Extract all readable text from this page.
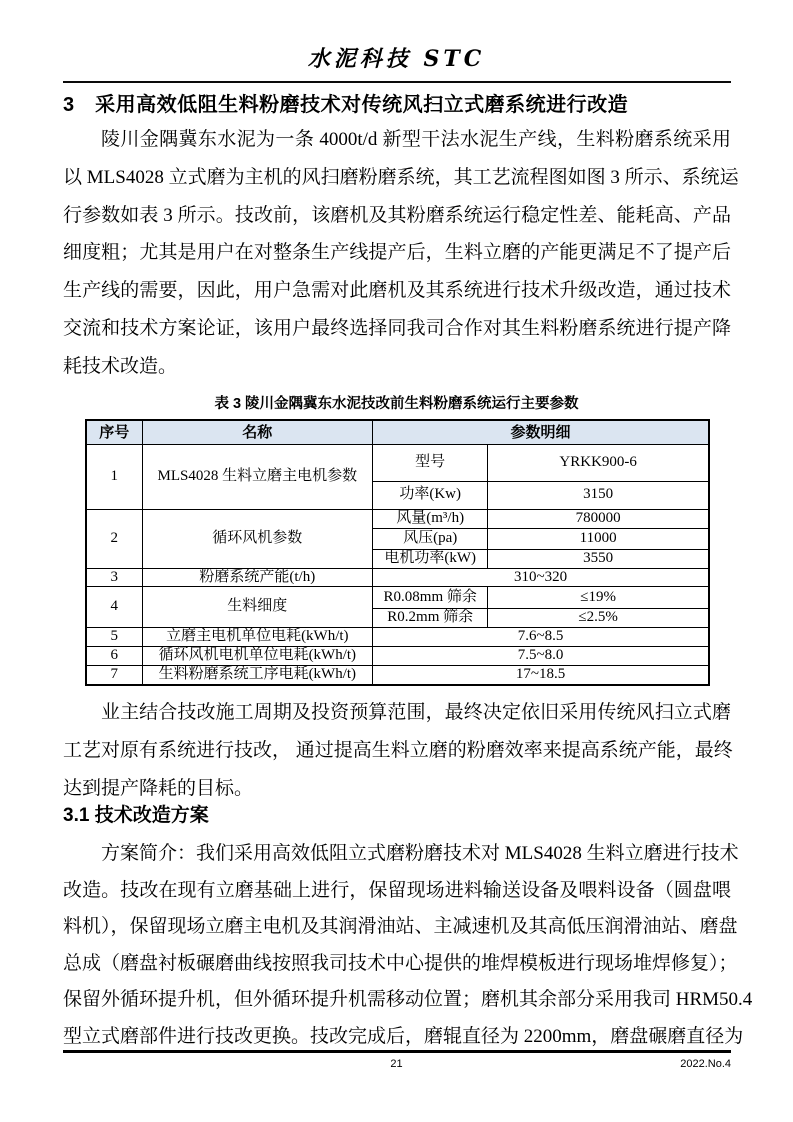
水泥科技 STC
3　采用高效低阻生料粉磨技术对传统风扫立式磨系统进行改造
陵川金隅冀东水泥为一条 4000t/d 新型干法水泥生产线，生料粉磨系统采用
以 MLS4028 立式磨为主机的风扫磨粉磨系统，其工艺流程图如图 3 所示、系统运
行参数如表 3 所示。技改前，该磨机及其粉磨系统运行稳定性差、能耗高、产品
细度粗；尤其是用户在对整条生产线提产后，生料立磨的产能更满足不了提产后
生产线的需要，因此，用户急需对此磨机及其系统进行技术升级改造，通过技术
交流和技术方案论证，该用户最终选择同我司合作对其生料粉磨系统进行提产降
耗技术改造。
表 3 陵川金隅冀东水泥技改前生料粉磨系统运行主要参数
序号	名称	参数明细	
1	MLS4028 生料立磨主电机参数	型号	YRKK900-6
		功率(Kw)	3150
2	循环风机参数	风量(m³/h)	780000
		风压(pa)	11000
		电机功率(kW)	3550
3	粉磨系统产能(t/h)	310~320	
4	生料细度	R0.08mm 筛余	≤19%
		R0.2mm 筛余	≤2.5%
5	立磨主电机单位电耗(kWh/t)	7.6~8.5	
6	循环风机电机单位电耗(kWh/t)	7.5~8.0	
7	生料粉磨系统工序电耗(kWh/t)	17~18.5	
业主结合技改施工周期及投资预算范围，最终决定依旧采用传统风扫立式磨
工艺对原有系统进行技改， 通过提高生料立磨的粉磨效率来提高系统产能，最终
达到提产降耗的目标。
3.1 技术改造方案
方案简介：我们采用高效低阻立式磨粉磨技术对 MLS4028 生料立磨进行技术
改造。技改在现有立磨基础上进行，保留现场进料输送设备及喂料设备（圆盘喂
料机），保留现场立磨主电机及其润滑油站、主减速机及其高低压润滑油站、磨盘
总成（磨盘衬板碾磨曲线按照我司技术中心提供的堆焊模板进行现场堆焊修复）；
保留外循环提升机，但外循环提升机需移动位置；磨机其余部分采用我司 HRM50.4
型立式磨部件进行技改更换。技改完成后，磨辊直径为 2200mm，磨盘碾磨直径为
21	2022.No.4
